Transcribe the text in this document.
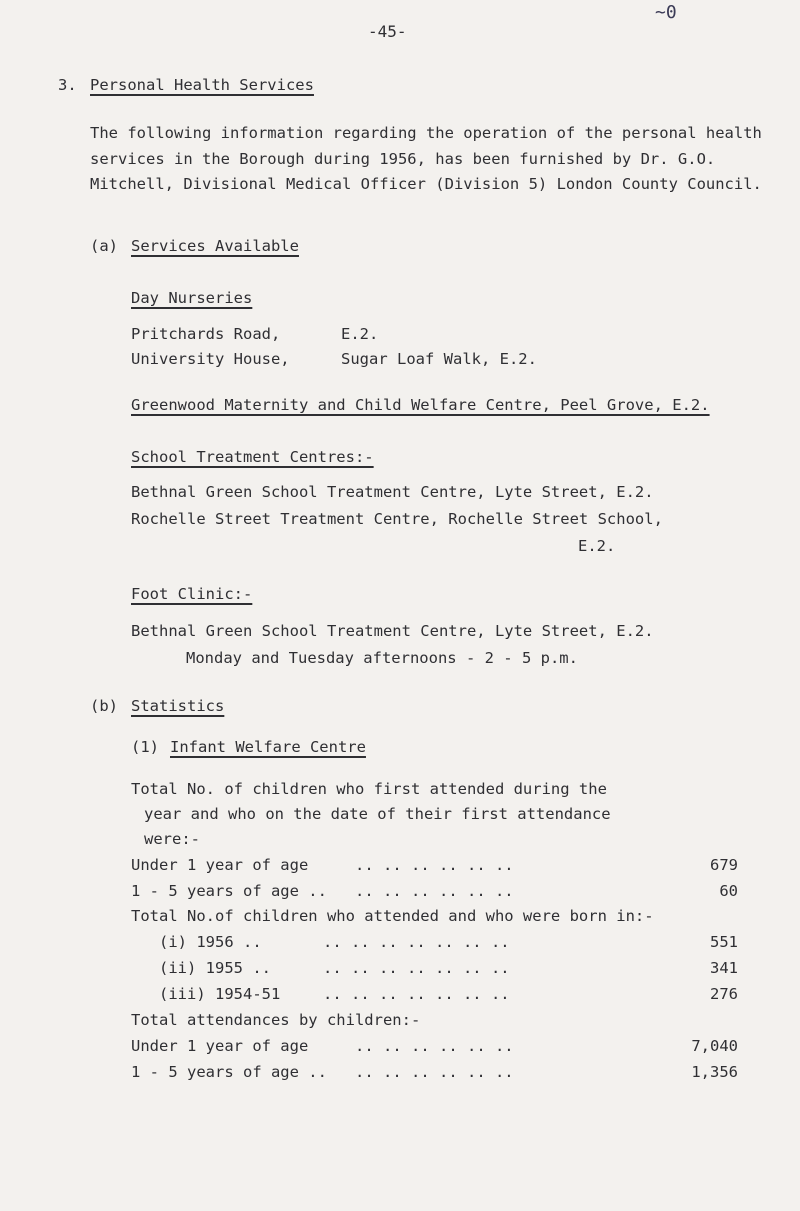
-45-
~0
3. Personal Health Services
The following information regarding the operation of the personal health services in the Borough during 1956, has been furnished by Dr. G.O. Mitchell, Divisional Medical Officer (Division 5) London County Council.
(a) Services Available
Day Nurseries
Pritchards Road,	E.2.
University House,	Sugar Loaf Walk, E.2.
Greenwood Maternity and Child Welfare Centre, Peel Grove, E.2.
School Treatment Centres:-
Bethnal Green School Treatment Centre, Lyte Street, E.2.
Rochelle Street Treatment Centre, Rochelle Street School,
E.2.
Foot Clinic:-
Bethnal Green School Treatment Centre, Lyte Street, E.2.
Monday and Tuesday afternoons - 2 - 5 p.m.
(b) Statistics
(1) Infant Welfare Centre
Total No. of children who first attended during the
year and who on the date of their first attendance
were:-
Under 1 year of age	.. .. .. .. .. ..	679
1 - 5 years of age .. .. .. .. .. .. ..	60
Total No.of children who attended and who were born in:-
(i) 1956 ..	.. .. .. .. .. .. ..	551
(ii) 1955 ..	.. .. .. .. .. .. ..	341
(iii) 1954-51	.. .. .. .. .. .. ..	276
Total attendances by children:-
Under 1 year of age	.. .. .. .. .. ..	7,040
1 - 5 years of age .. .. .. .. .. .. ..	1,356
